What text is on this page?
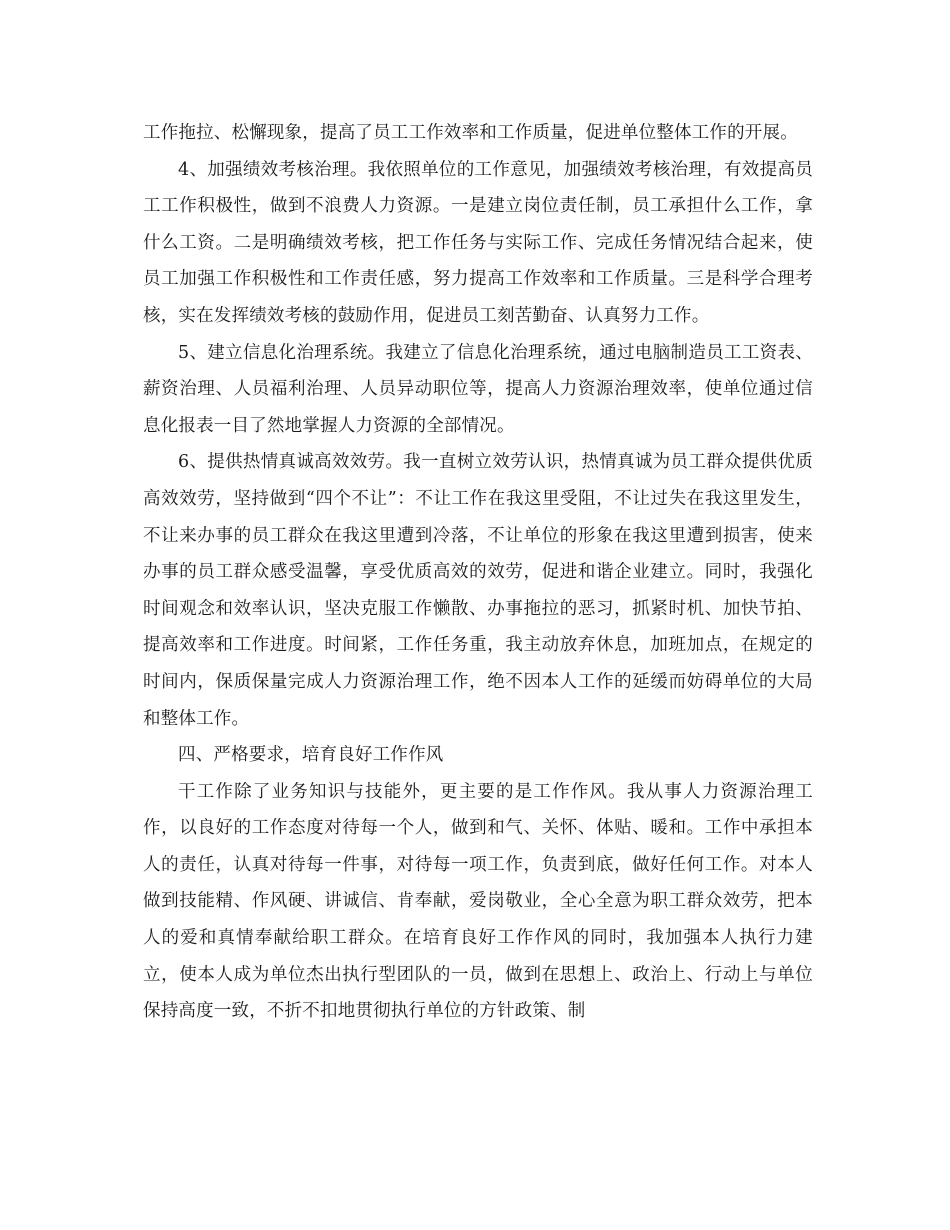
工作拖拉、松懈现象，提高了员工工作效率和工作质量，促进单位整体工作的开展。

4、加强绩效考核治理。我依照单位的工作意见，加强绩效考核治理，有效提高员工工作积极性，做到不浪费人力资源。一是建立岗位责任制，员工承担什么工作，拿什么工资。二是明确绩效考核，把工作任务与实际工作、完成任务情况结合起来，使员工加强工作积极性和工作责任感，努力提高工作效率和工作质量。三是科学合理考核，实在发挥绩效考核的鼓励作用，促进员工刻苦勤奋、认真努力工作。

5、建立信息化治理系统。我建立了信息化治理系统，通过电脑制造员工工资表、薪资治理、人员福利治理、人员异动职位等，提高人力资源治理效率，使单位通过信息化报表一目了然地掌握人力资源的全部情况。

6、提供热情真诚高效效劳。我一直树立效劳认识，热情真诚为员工群众提供优质高效效劳，坚持做到“四个不让”：不让工作在我这里受阻，不让过失在我这里发生，不让来办事的员工群众在我这里遭到冷落，不让单位的形象在我这里遭到损害，使来办事的员工群众感受温馨，享受优质高效的效劳，促进和谐企业建立。同时，我强化时间观念和效率认识，坚决克服工作懒散、办事拖拉的恶习，抓紧时机、加快节拍、提高效率和工作进度。时间紧，工作任务重，我主动放弃休息，加班加点，在规定的时间内，保质保量完成人力资源治理工作，绝不因本人工作的延缓而妨碍单位的大局和整体工作。

四、严格要求，培育良好工作作风

干工作除了业务知识与技能外，更主要的是工作作风。我从事人力资源治理工作，以良好的工作态度对待每一个人，做到和气、关怀、体贴、暖和。工作中承担本人的责任，认真对待每一件事，对待每一项工作，负责到底，做好任何工作。对本人做到技能精、作风硬、讲诚信、肯奉献，爱岗敬业，全心全意为职工群众效劳，把本人的爱和真情奉献给职工群众。在培育良好工作作风的同时，我加强本人执行力建立，使本人成为单位杰出执行型团队的一员，做到在思想上、政治上、行动上与单位保持高度一致，不折不扣地贯彻执行单位的方针政策、制
